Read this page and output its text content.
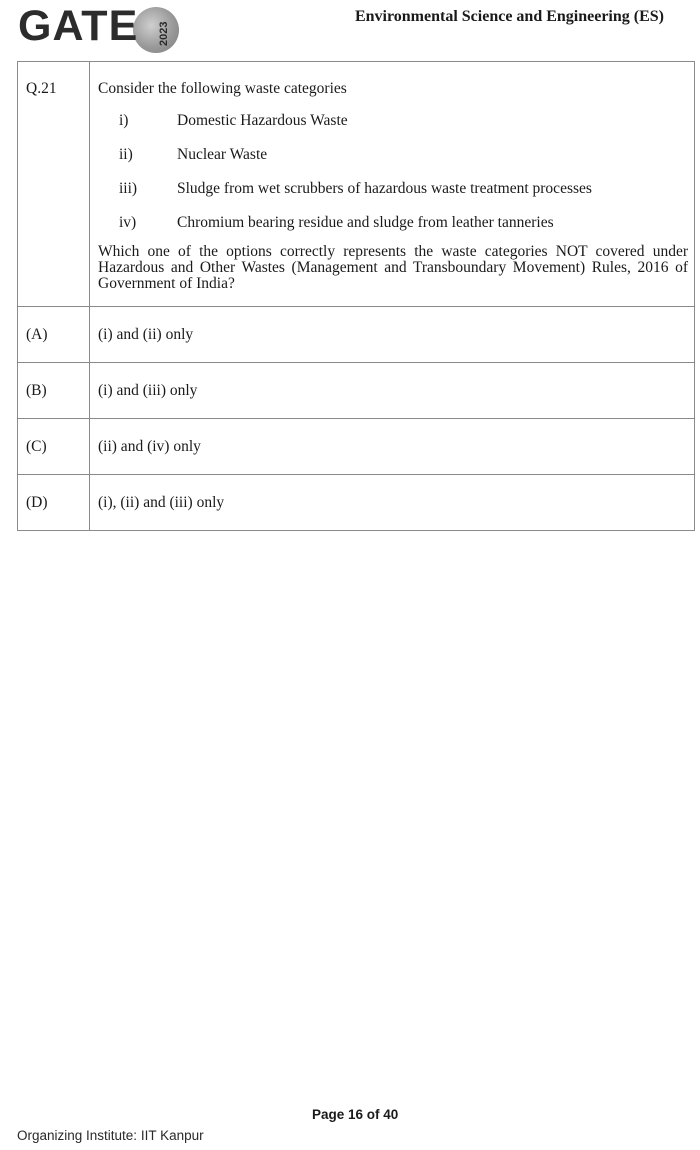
GATE 2023
Environmental Science and Engineering (ES)
Q.21	Consider the following waste categories
i)	Domestic Hazardous Waste
ii)	Nuclear Waste
iii)	Sludge from wet scrubbers of hazardous waste treatment processes
iv)	Chromium bearing residue and sludge from leather tanneries
Which one of the options correctly represents the waste categories NOT covered under Hazardous and Other Wastes (Management and Transboundary Movement) Rules, 2016 of Government of India?

(A)	(i) and (ii) only
(B)	(i) and (iii) only
(C)	(ii) and (iv) only
(D)	(i), (ii) and (iii) only
Page 16 of 40
Organizing Institute: IIT Kanpur
